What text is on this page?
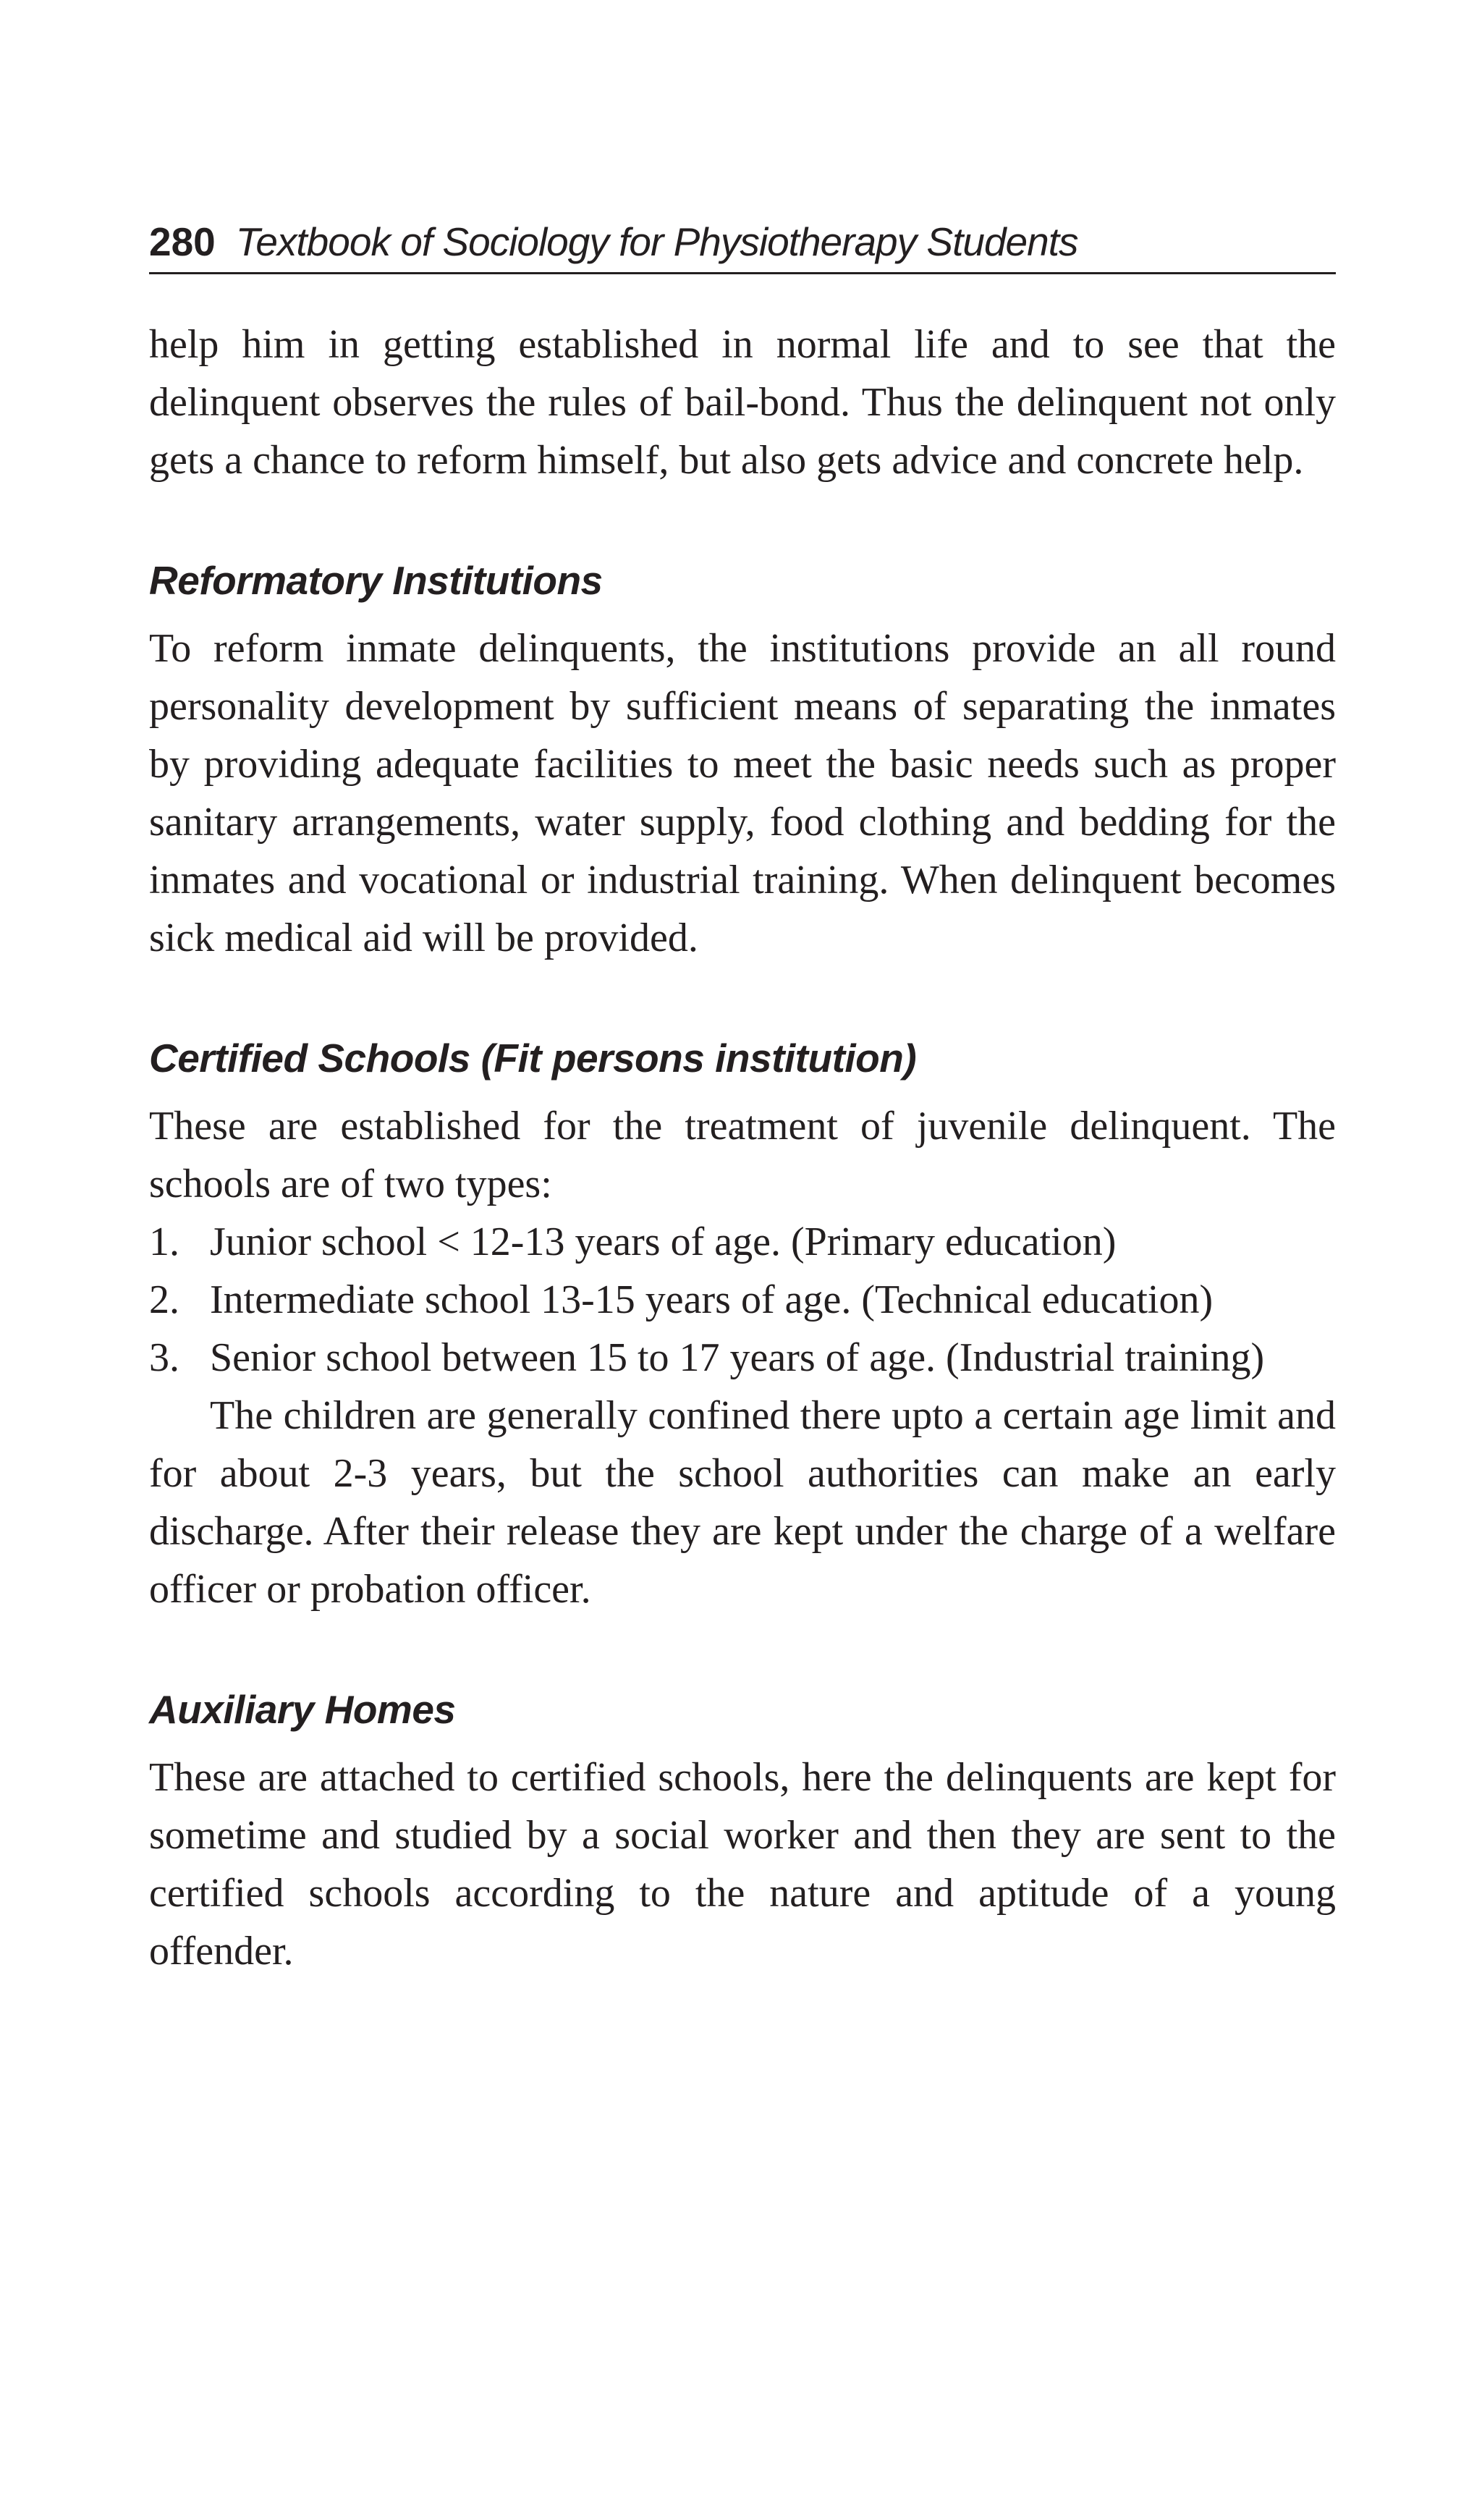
280 Textbook of Sociology for Physiotherapy Students

help him in getting established in normal life and to see that the delinquent observes the rules of bail-bond. Thus the delinquent not only gets a chance to reform himself, but also gets advice and concrete help.

Reformatory Institutions

To reform inmate delinquents, the institutions provide an all round personality development by sufficient means of separating the inmates by providing adequate facilities to meet the basic needs such as proper sanitary arrangements, water supply, food clothing and bedding for the inmates and vocational or industrial training. When delinquent becomes sick medical aid will be provided.

Certified Schools (Fit persons institution)

These are established for the treatment of juvenile delinquent. The schools are of two types:

1. Junior school < 12-13 years of age. (Primary education)
2. Intermediate school 13-15 years of age. (Technical education)
3. Senior school between 15 to 17 years of age. (Industrial training)

The children are generally confined there upto a certain age limit and for about 2-3 years, but the school authorities can make an early discharge. After their release they are kept under the charge of a welfare officer or probation officer.

Auxiliary Homes

These are attached to certified schools, here the delinquents are kept for sometime and studied by a social worker and then they are sent to the certified schools according to the nature and aptitude of a young offender.
